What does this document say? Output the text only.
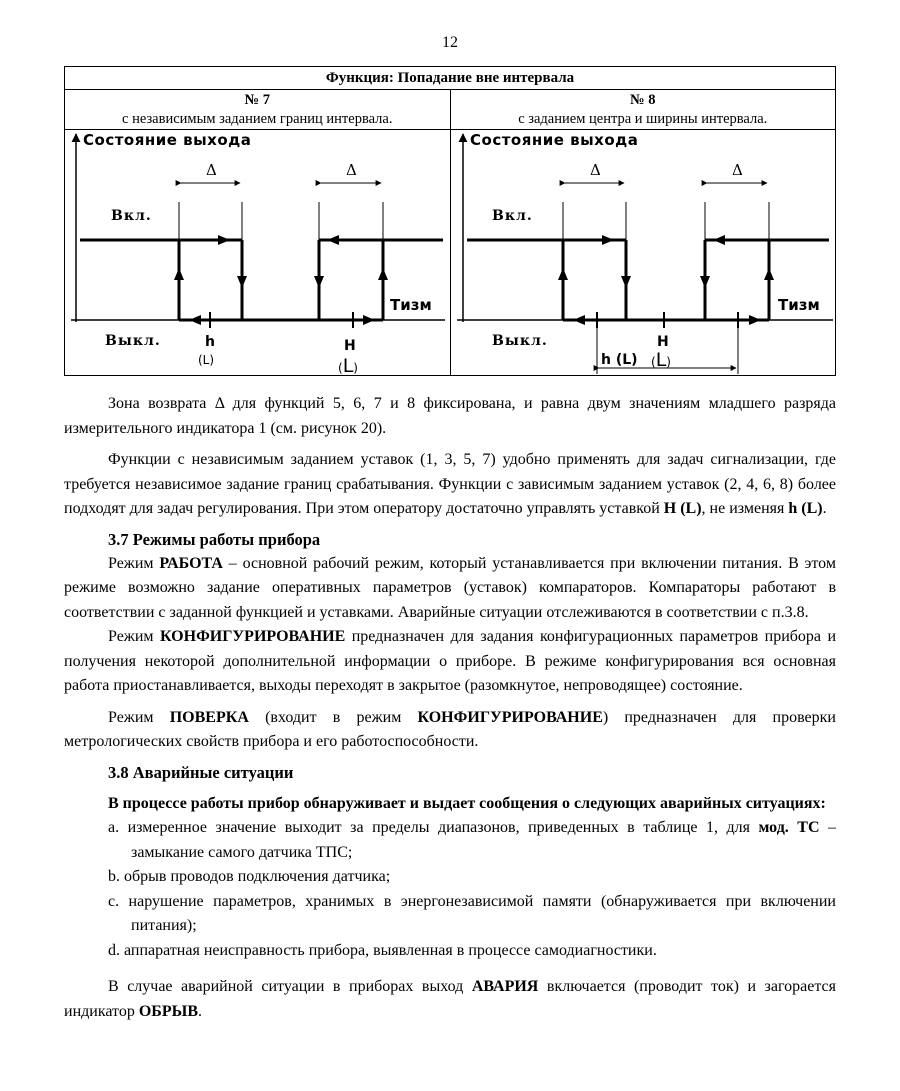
12
Функция: Попадание вне интервала
№ 7
с независимым заданием границ интервала.
Состояние выхода
Вкл.
Выкл.
Тизм
Δ	Δ
h
(L)
H
(L)
№ 8
с заданием центра и ширины интервала.
Состояние выхода
Вкл.
Выкл.
Тизм
Δ	Δ
H
(L)
h (L)

Зона возврата Δ для функций 5, 6, 7 и 8 фиксирована, и равна двум значениям младшего разряда измерительного индикатора 1 (см. рисунок 20).

Функции с независимым заданием уставок (1, 3, 5, 7) удобно применять для задач сигнализации, где требуется независимое задание границ срабатывания. Функции с зависимым заданием уставок (2, 4, 6, 8) более подходят для задач регулирования. При этом оператору достаточно управлять уставкой H (L), не изменяя h (L).

3.7 Режимы работы прибора

Режим РАБОТА – основной рабочий режим, который устанавливается при включении питания. В этом режиме возможно задание оперативных параметров (уставок) компараторов. Компараторы работают в соответствии с заданной функцией и уставками. Аварийные ситуации отслеживаются в соответствии с п.3.8.

Режим КОНФИГУРИРОВАНИЕ предназначен для задания конфигурационных параметров прибора и получения некоторой дополнительной информации о приборе. В режиме конфигурирования вся основная работа приостанавливается, выходы переходят в закрытое (разомкнутое, непроводящее) состояние.

Режим ПОВЕРКА (входит в режим КОНФИГУРИРОВАНИЕ) предназначен для проверки метрологических свойств прибора и его работоспособности.

3.8 Аварийные ситуации

В процессе работы прибор обнаруживает и выдает сообщения о следующих аварийных ситуациях:

a. измеренное значение выходит за пределы диапазонов, приведенных в таблице 1, для мод. ТС – замыкание самого датчика ТПС;
b. обрыв проводов подключения датчика;
c. нарушение параметров, хранимых в энергонезависимой памяти (обнаруживается при включении питания);
d. аппаратная неисправность прибора, выявленная в процессе самодиагностики.

В случае аварийной ситуации в приборах выход АВАРИЯ включается (проводит ток) и загорается индикатор ОБРЫВ.
